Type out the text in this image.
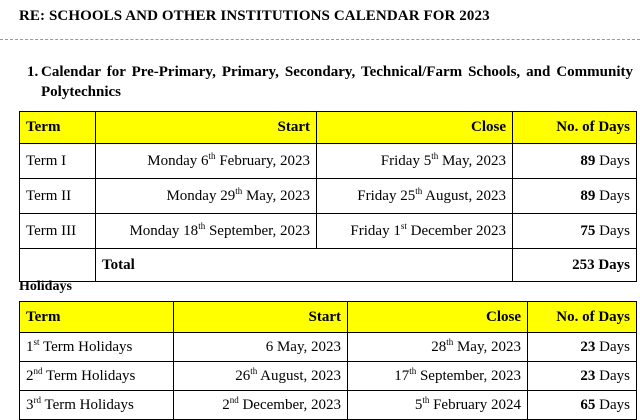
RE: SCHOOLS AND OTHER INSTITUTIONS CALENDAR FOR 2023
1. Calendar for Pre-Primary, Primary, Secondary, Technical/Farm Schools, and Community Polytechnics
Term	Start	Close	No. of Days
Term I	Monday 6th February, 2023	Friday 5th May, 2023	89 Days
Term II	Monday 29th May, 2023	Friday 25th August, 2023	89 Days
Term III	Monday 18th September, 2023	Friday 1st December 2023	75 Days
	Total		253 Days
Holidays
Term	Start	Close	No. of Days
1st Term Holidays	6 May, 2023	28th May, 2023	23 Days
2nd Term Holidays	26th August, 2023	17th September, 2023	23 Days
3rd Term Holidays	2nd December, 2023	5th February 2024	65 Days
